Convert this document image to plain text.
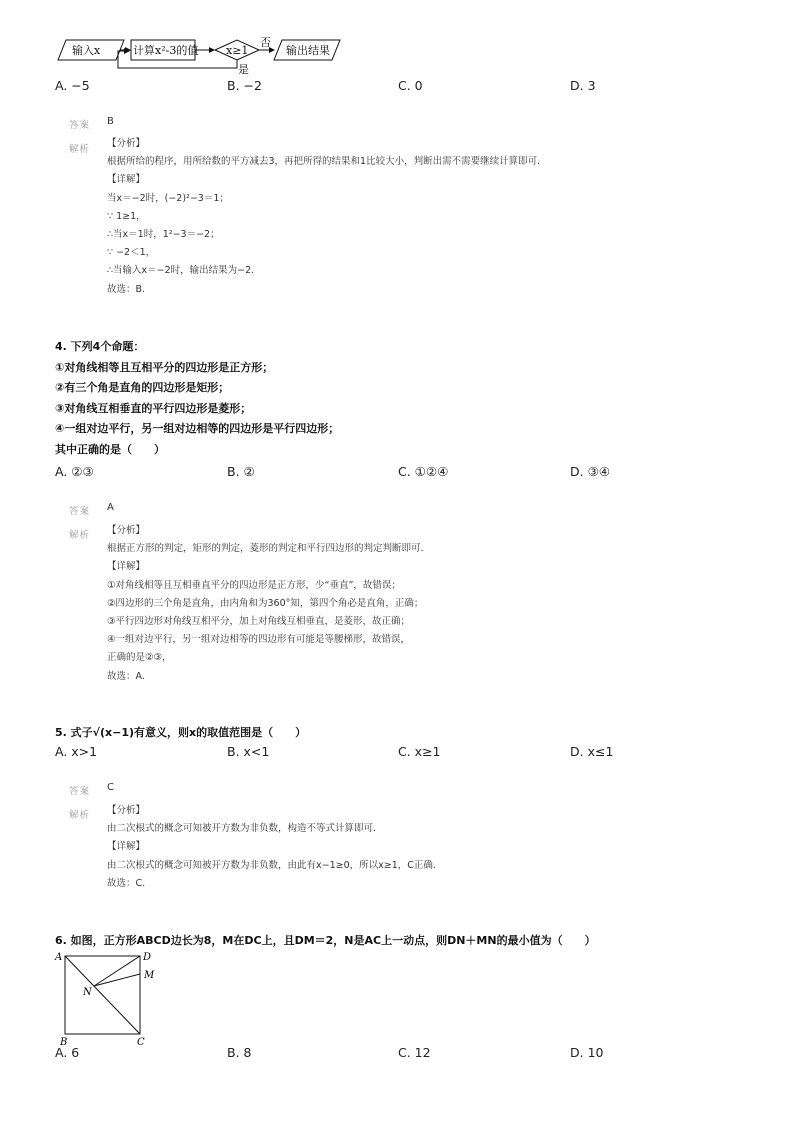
输入x	计算x²-3的值	x≥1
否
输出结果
是
A. −5	B. −2	C. 0	D. 3
答案 B
解析
【分析】
根据所给的程序，用所给数的平方减去3，再把所得的结果和1比较大小，判断出需不需要继续计算即可.
【详解】
当x＝−2时，(−2)²−3＝1；
∵ 1≥1，
∴当x＝1时，1²−3＝−2；
∵ −2＜1，
∴当输入x＝−2时，输出结果为−2.
故选：B.
4. 下列4个命题：
①对角线相等且互相平分的四边形是正方形；
②有三个角是直角的四边形是矩形；
③对角线互相垂直的平行四边形是菱形；
④一组对边平行，另一组对边相等的四边形是平行四边形；
其中正确的是（　　）
A. ②③	B. ②	C. ①②④	D. ③④
答案 A
解析 【分析】
根据正方形的判定，矩形的判定，菱形的判定和平行四边形的判定判断即可.
【详解】
①对角线相等且互相垂直平分的四边形是正方形，少“垂直”，故错误；
②四边形的三个角是直角，由内角和为360°知，第四个角必是直角，正确；
③平行四边形对角线互相平分，加上对角线互相垂直，是菱形，故正确；
④一组对边平行，另一组对边相等的四边形有可能是等腰梯形，故错误，
正确的是②③，
故选：A.
5. 式子√(x−1)有意义，则x的取值范围是（　　）
A. x>1	B. x<1	C. x≥1	D. x≤1
答案 C
解析 【分析】
由二次根式的概念可知被开方数为非负数，构造不等式计算即可.
【详解】
由二次根式的概念可知被开方数为非负数，由此有x−1≥0，所以x≥1，C正确.
故选：C.
6. 如图，正方形ABCD边长为8，M在DC上，且DM＝2，N是AC上一动点，则DN＋MN的最小值为（　　）
A	D
M
N
B	C
A. 6	B. 8	C. 12	D. 10
